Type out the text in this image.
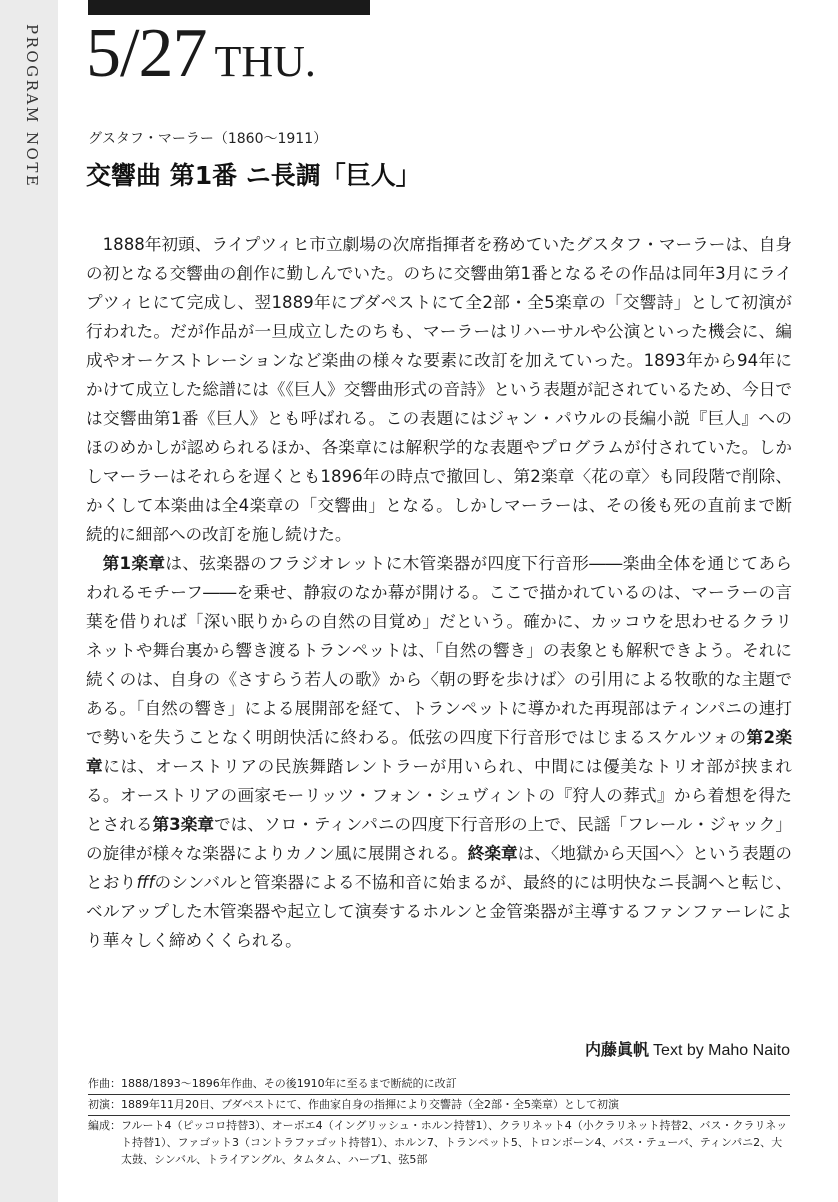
PROGRAM NOTE 5/27 THU.
グスタフ・マーラー（1860〜1911）
交響曲 第1番 ニ長調「巨人」

1888年初頭、ライプツィヒ市立劇場の次席指揮者を務めていたグスタフ・マーラーは、自身の初となる交響曲の創作に勤しんでいた。のちに交響曲第1番となるその作品は同年3月にライプツィヒにて完成し、翌1889年にブダペストにて全2部・全5楽章の「交響詩」として初演が行われた。だが作品が一旦成立したのちも、マーラーはリハーサルや公演といった機会に、編成やオーケストレーションなど楽曲の様々な要素に改訂を加えていった。1893年から94年にかけて成立した総譜には《《巨人》交響曲形式の音詩》という表題が記されているため、今日では交響曲第1番《巨人》とも呼ばれる。この表題にはジャン・パウルの長編小説『巨人』へのほのめかしが認められるほか、各楽章には解釈学的な表題やプログラムが付されていた。しかしマーラーはそれらを遅くとも1896年の時点で撤回し、第2楽章〈花の章〉も同段階で削除、かくして本楽曲は全4楽章の「交響曲」となる。しかしマーラーは、その後も死の直前まで断続的に細部への改訂を施し続けた。

第1楽章は、弦楽器のフラジオレットに木管楽器が四度下行音形――楽曲全体を通じてあらわれるモチーフ――を乗せ、静寂のなか幕が開ける。ここで描かれているのは、マーラーの言葉を借りれば「深い眠りからの自然の目覚め」だという。確かに、カッコウを思わせるクラリネットや舞台裏から響き渡るトランペットは、「自然の響き」の表象とも解釈できよう。それに続くのは、自身の《さすらう若人の歌》から〈朝の野を歩けば〉の引用による牧歌的な主題である。「自然の響き」による展開部を経て、トランペットに導かれた再現部はティンパニの連打で勢いを失うことなく明朗快活に終わる。低弦の四度下行音形ではじまるスケルツォの第2楽章には、オーストリアの民族舞踏レントラーが用いられ、中間には優美なトリオ部が挟まれる。オーストリアの画家モーリッツ・フォン・シュヴィントの『狩人の葬式』から着想を得たとされる第3楽章では、ソロ・ティンパニの四度下行音形の上で、民謡「フレール・ジャック」の旋律が様々な楽器によりカノン風に展開される。終楽章は、〈地獄から天国へ〉という表題のとおりfffのシンバルと管楽器による不協和音に始まるが、最終的には明快なニ長調へと転じ、ベルアップした木管楽器や起立して演奏するホルンと金管楽器が主導するファンファーレにより華々しく締めくくられる。

内藤眞帆 Text by Maho Naito
作曲：1888/1893〜1896年作曲、その後1910年に至るまで断続的に改訂
初演：1889年11月20日、ブダペストにて、作曲家自身の指揮により交響詩（全2部・全5楽章）として初演
編成： フルート4（ピッコロ持替3）、オーボエ4（イングリッシュ・ホルン持替1）、クラリネット4（小クラリネット持替2、バス・クラリネット持替1）、ファゴット3（コントラファゴット持替1）、ホルン7、トランペット5、トロンボーン4、バス・テューバ、ティンパニ2、大太鼓、シンバル、トライアングル、タムタム、ハープ1、弦5部
